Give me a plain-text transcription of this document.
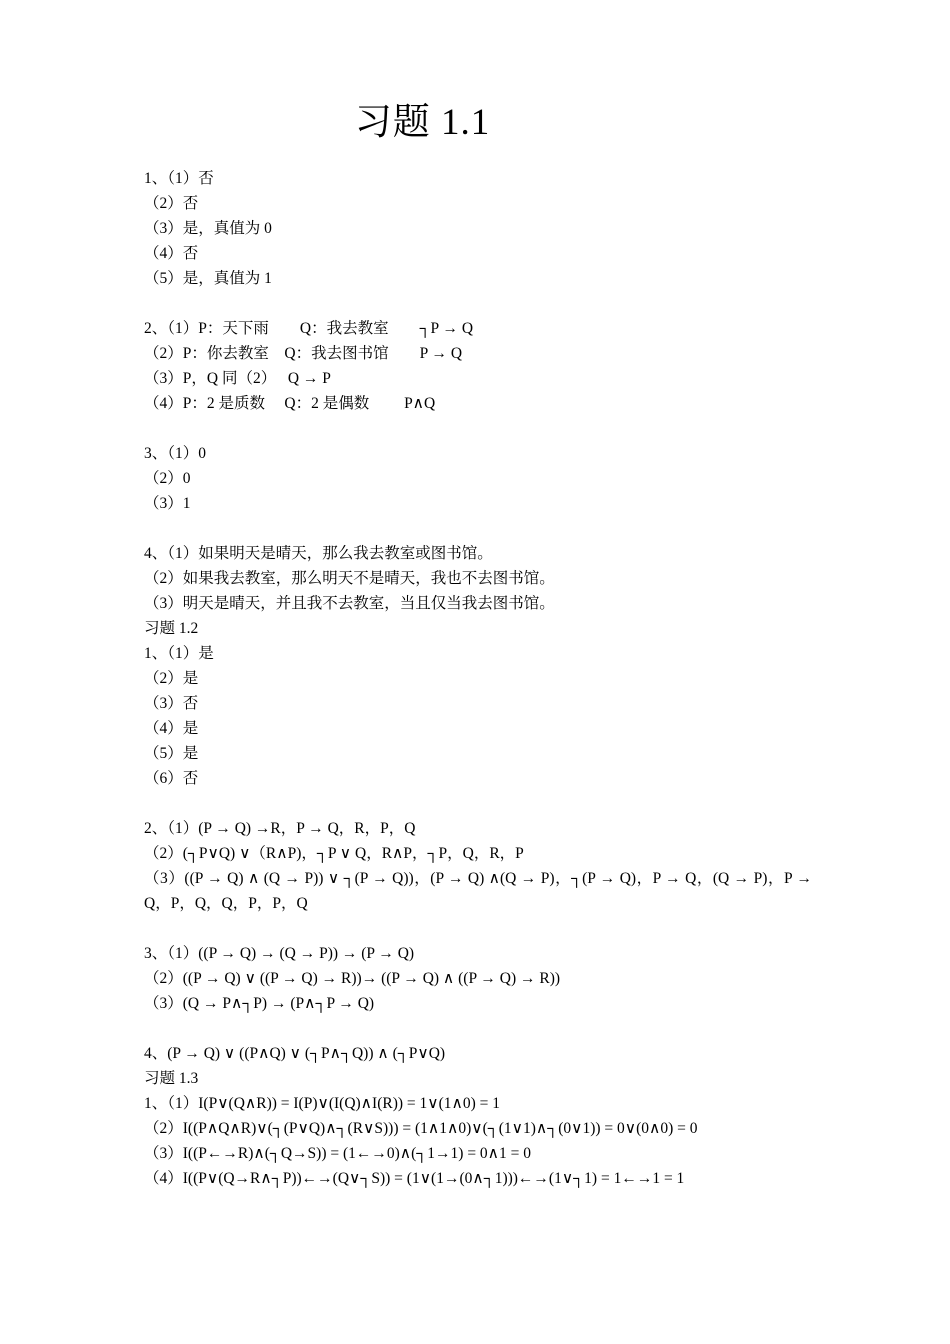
习题 1.1
1、（1）否
（2）否
（3）是，真值为 0
（4）否
（5）是，真值为 1
2、（1）P：天下雨　　Q：我去教室　　┐P → Q
（2）P：你去教室　Q：我去图书馆　　P → Q
（3）P，Q 同（2）　 Q → P
（4）P：2 是质数　 Q：2 是偶数　　 P∧Q
3、（1）0
（2）0
（3）1
4、（1）如果明天是晴天，那么我去教室或图书馆。
（2）如果我去教室，那么明天不是晴天，我也不去图书馆。
（3）明天是晴天，并且我不去教室，当且仅当我去图书馆。
习题 1.2
1、（1）是
（2）是
（3）否
（4）是
（5）是
（6）否
2、（1）(P → Q) →R，P → Q，R，P，Q
（2）(┐P∨Q) ∨（R∧P)，┐P ∨ Q，R∧P，┐P，Q，R，P
（3）((P → Q) ∧ (Q → P)) ∨ ┐(P → Q))，(P → Q) ∧(Q → P)，┐(P → Q)，P → Q，(Q → P)，P → Q，P，Q，Q，P，P，Q
3、（1）((P → Q) → (Q → P)) → (P → Q)
（2）((P → Q) ∨ ((P → Q) → R))→ ((P → Q) ∧ ((P → Q) → R))
（3）(Q → P∧┐P) → (P∧┐P → Q)
4、(P → Q) ∨ ((P∧Q) ∨ (┐P∧┐Q)) ∧ (┐P∨Q)
习题 1.3
1、（1）I(P∨(Q∧R)) = I(P)∨(I(Q)∧I(R)) = 1∨(1∧0) = 1
（2）I((P∧Q∧R)∨(┐(P∨Q)∧┐(R∨S))) = (1∧1∧0)∨(┐(1∨1)∧┐(0∨1)) = 0∨(0∧0) = 0
（3）I((P←→R)∧(┐Q→S)) = (1←→0)∧(┐1→1) = 0∧1 = 0
（4）I((P∨(Q→R∧┐P))←→(Q∨┐S)) = (1∨(1→(0∧┐1)))←→(1∨┐1) = 1←→1 = 1
